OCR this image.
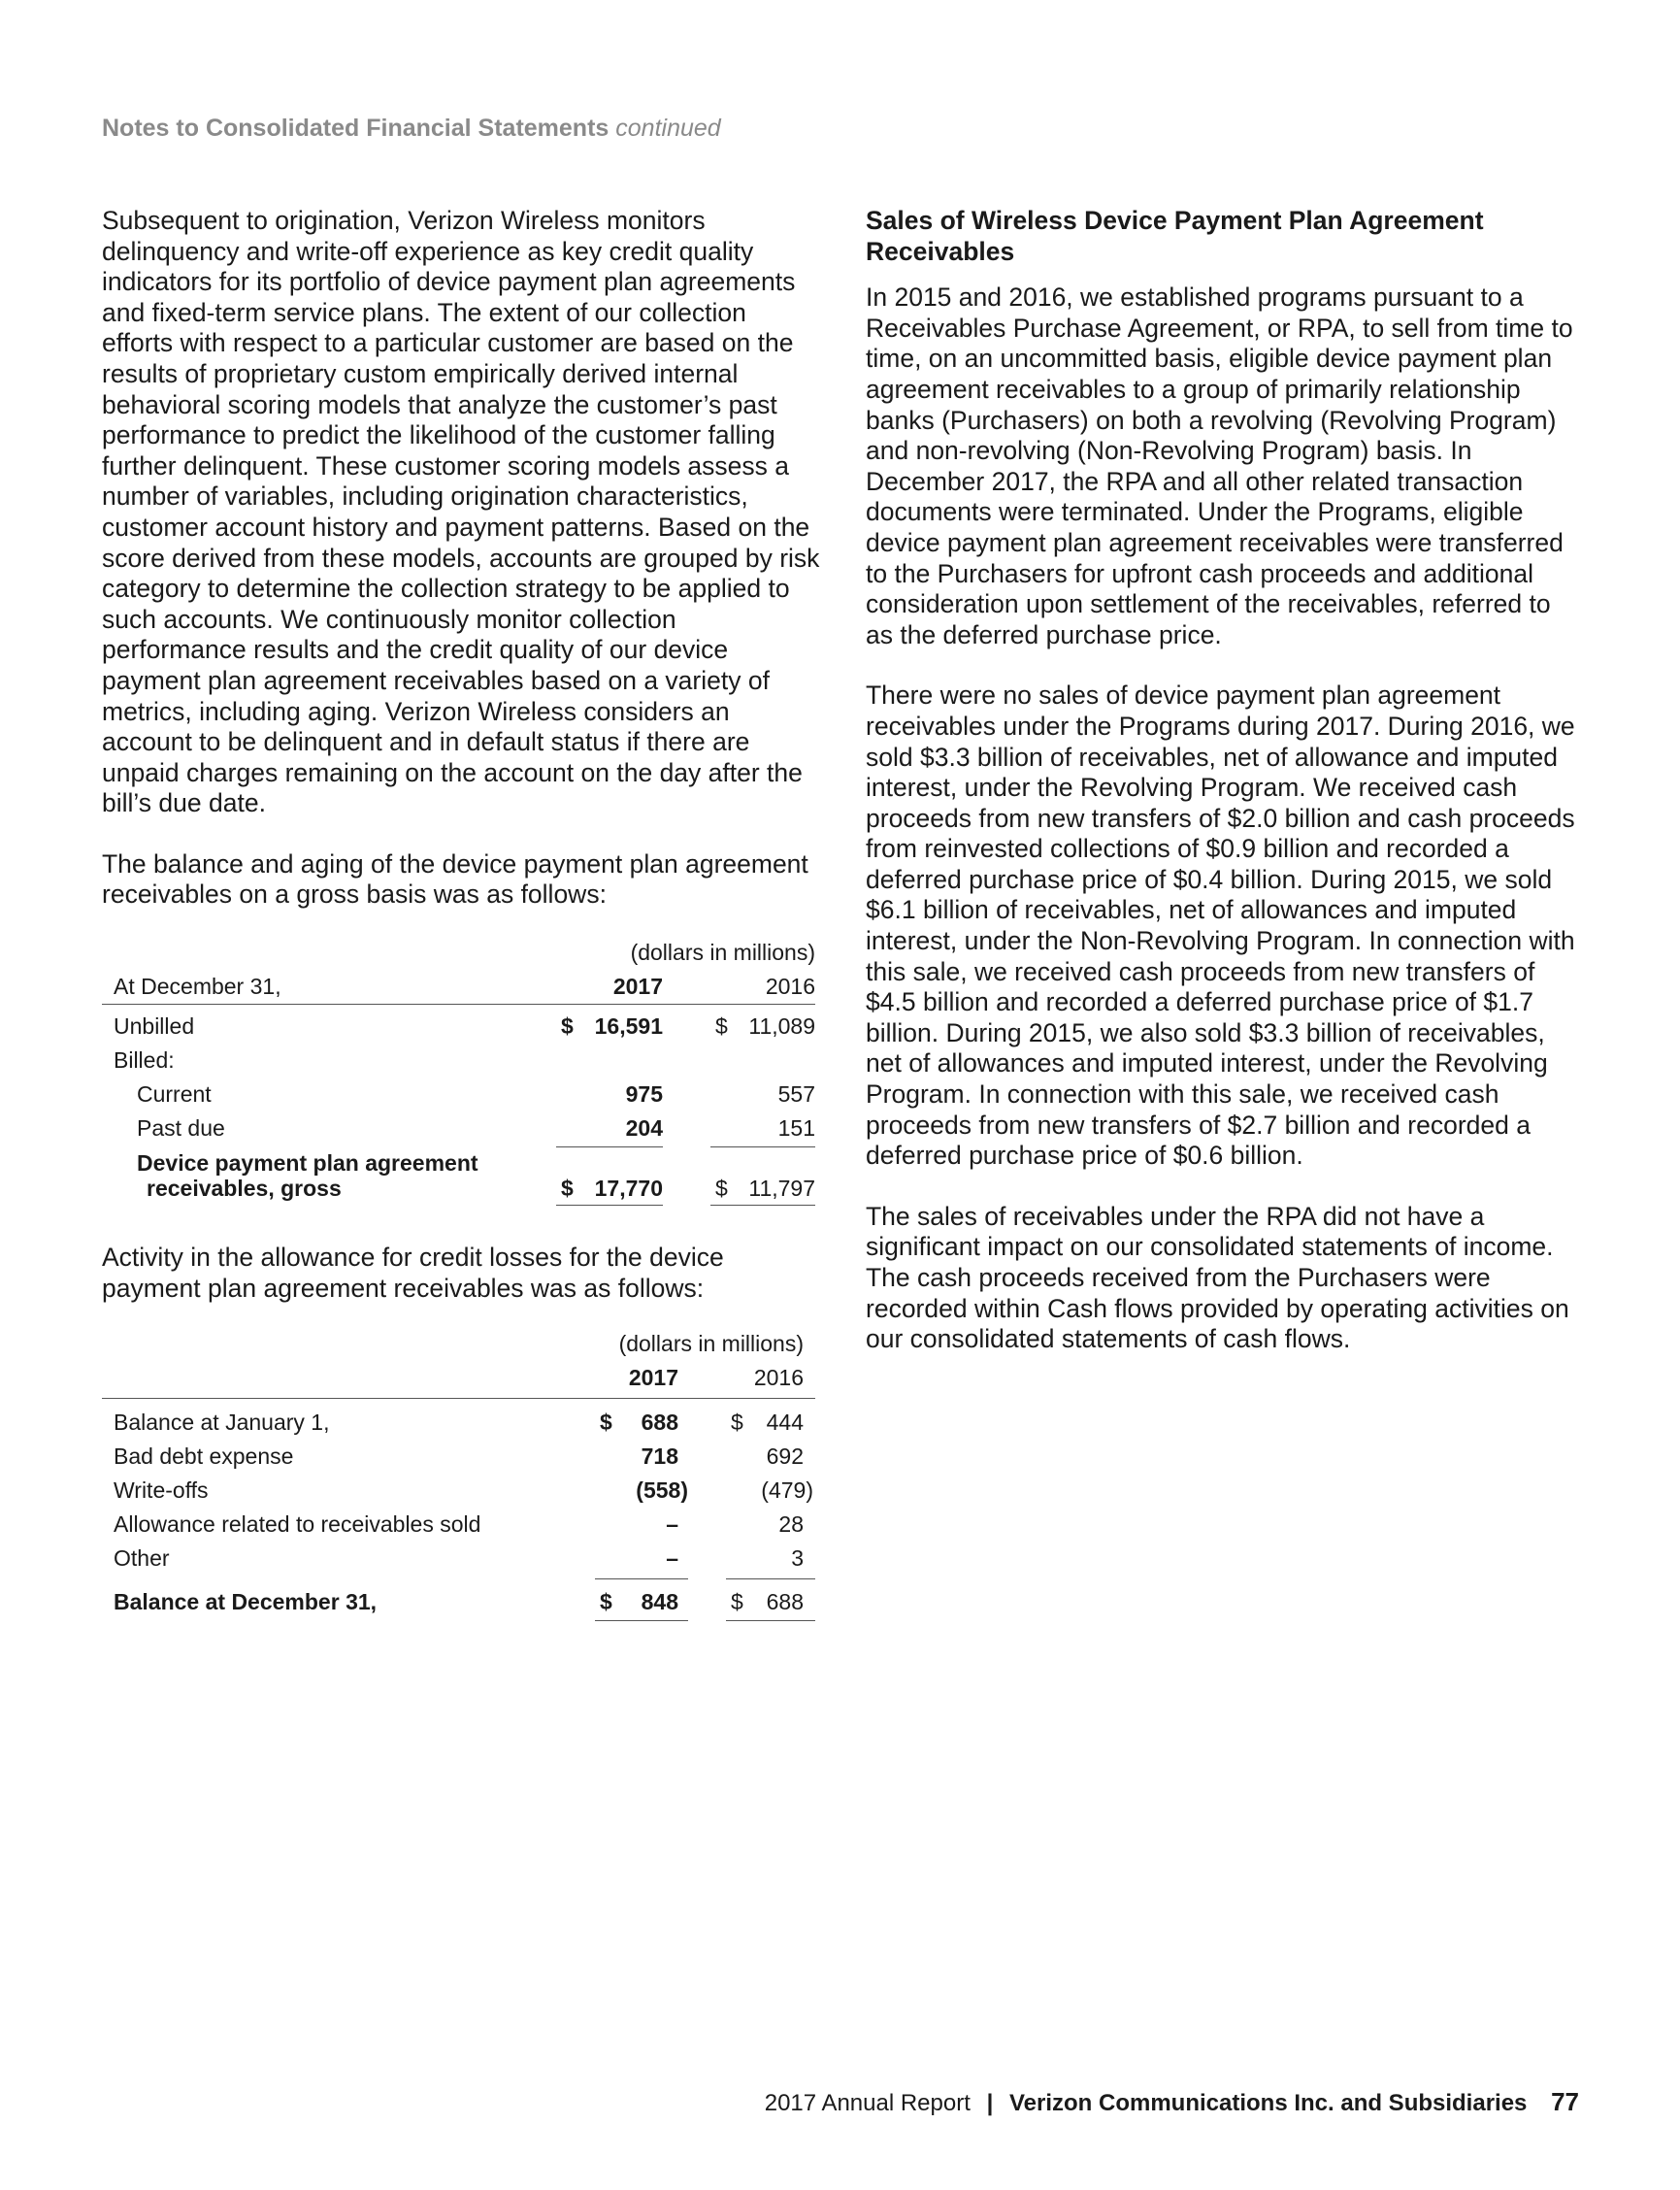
Notes to Consolidated Financial Statements continued

Subsequent to origination, Verizon Wireless monitors delinquency and write-off experience as key credit quality indicators for its portfolio of device payment plan agreements and fixed-term service plans. The extent of our collection efforts with respect to a particular customer are based on the results of proprietary custom empirically derived internal behavioral scoring models that analyze the customer’s past performance to predict the likelihood of the customer falling further delinquent. These customer scoring models assess a number of variables, including origination characteristics, customer account history and payment patterns. Based on the score derived from these models, accounts are grouped by risk category to determine the collection strategy to be applied to such accounts. We continuously monitor collection performance results and the credit quality of our device payment plan agreement receivables based on a variety of metrics, including aging. Verizon Wireless considers an account to be delinquent and in default status if there are unpaid charges remaining on the account on the day after the bill’s due date.

The balance and aging of the device payment plan agreement receivables on a gross basis was as follows:

(dollars in millions)
At December 31,	2017	2016
Unbilled	$ 16,591 $ 11,089
Billed:
Current	975	557
Past due	204	151
Device payment plan agreement
receivables, gross	$ 17,770 $ 11,797

Activity in the allowance for credit losses for the device payment plan agreement receivables was as follows:

(dollars in millions)
2017	2016
Balance at January 1,	$ 688 $ 444
Bad debt expense	718	692
Write-offs	(558)	(479)
Allowance related to receivables sold	–	28
Other	–	3
Balance at December 31,	$ 848 $ 688
Sales of Wireless Device Payment Plan Agreement Receivables

In 2015 and 2016, we established programs pursuant to a Receivables Purchase Agreement, or RPA, to sell from time to time, on an uncommitted basis, eligible device payment plan agreement receivables to a group of primarily relationship banks (Purchasers) on both a revolving (Revolving Program) and non-revolving (Non-Revolving Program) basis. In December 2017, the RPA and all other related transaction documents were terminated. Under the Programs, eligible device payment plan agreement receivables were transferred to the Purchasers for upfront cash proceeds and additional consideration upon settlement of the receivables, referred to as the deferred purchase price.

There were no sales of device payment plan agreement receivables under the Programs during 2017. During 2016, we sold $3.3 billion of receivables, net of allowance and imputed interest, under the Revolving Program. We received cash proceeds from new transfers of $2.0 billion and cash proceeds from reinvested collections of $0.9 billion and recorded a deferred purchase price of $0.4 billion. During 2015, we sold $6.1 billion of receivables, net of allowances and imputed interest, under the Non-Revolving Program. In connection with this sale, we received cash proceeds from new transfers of $4.5 billion and recorded a deferred purchase price of $1.7 billion. During 2015, we also sold $3.3 billion of receivables, net of allowances and imputed interest, under the Revolving Program. In connection with this sale, we received cash proceeds from new transfers of $2.7 billion and recorded a deferred purchase price of $0.6 billion.

The sales of receivables under the RPA did not have a significant impact on our consolidated statements of income. The cash proceeds received from the Purchasers were recorded within Cash flows provided by operating activities on our consolidated statements of cash flows.

2017 Annual Report | Verizon Communications Inc. and Subsidiaries 77
